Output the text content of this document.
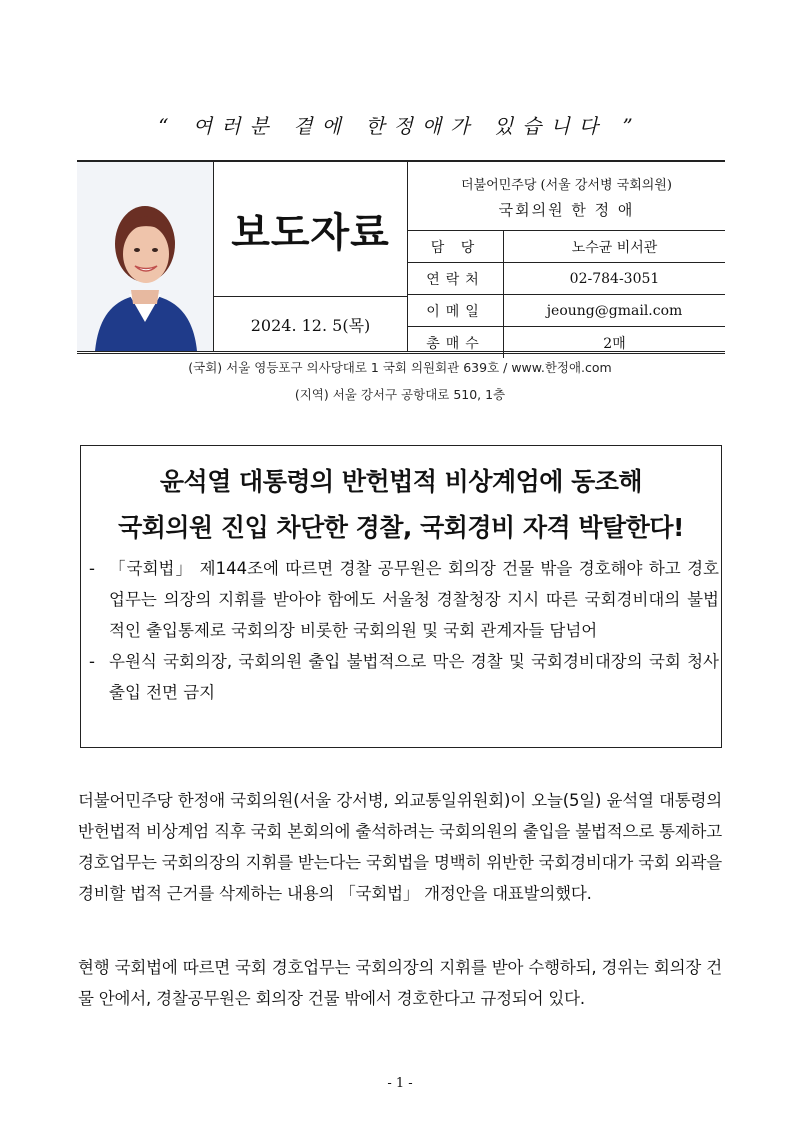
“ 여러분 곁에 한정애가 있습니다 ”
보도자료
2024. 12. 5(목)
더불어민주당 (서울 강서병 국회의원)
국회의원 한 정 애
담 당	노수균 비서관
연락처	02-784-3051
이메일	jeoung@gmail.com
총매수	2매
(국회) 서울 영등포구 의사당대로 1 국회 의원회관 639호 / www.한정애.com
(지역) 서울 강서구 공항대로 510, 1층
윤석열 대통령의 반헌법적 비상계엄에 동조해
국회의원 진입 차단한 경찰, 국회경비 자격 박탈한다!
- 「국회법」 제144조에 따르면 경찰 공무원은 회의장 건물 밖을 경호해야 하고 경호업무는 의장의 지휘를 받아야 함에도 서울청 경찰청장 지시 따른 국회경비대의 불법적인 출입통제로 국회의장 비롯한 국회의원 및 국회 관계자들 담넘어
- 우원식 국회의장, 국회의원 출입 불법적으로 막은 경찰 및 국회경비대장의 국회 청사 출입 전면 금지
더불어민주당 한정애 국회의원(서울 강서병, 외교통일위원회)이 오늘(5일) 윤석열 대통령의 반헌법적 비상계엄 직후 국회 본회의에 출석하려는 국회의원의 출입을 불법적으로 통제하고 경호업무는 국회의장의 지휘를 받는다는 국회법을 명백히 위반한 국회경비대가 국회 외곽을 경비할 법적 근거를 삭제하는 내용의 「국회법」 개정안을 대표발의했다.
현행 국회법에 따르면 국회 경호업무는 국회의장의 지휘를 받아 수행하되, 경위는 회의장 건물 안에서, 경찰공무원은 회의장 건물 밖에서 경호한다고 규정되어 있다.
- 1 -
